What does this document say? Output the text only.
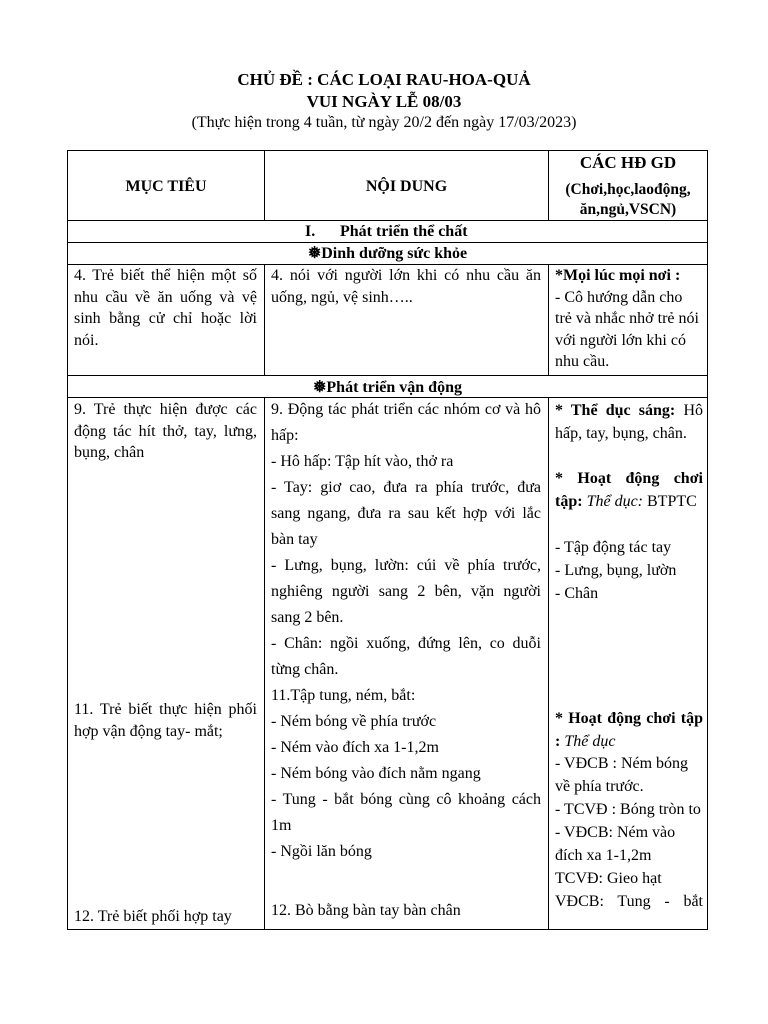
CHỦ ĐỀ : CÁC LOẠI RAU-HOA-QUẢ
VUI NGÀY LỄ 08/03
(Thực hiện trong 4 tuần, từ ngày 20/2 đến ngày 17/03/2023)
MỤC TIÊU	NỘI DUNG
CÁC HĐ GD
(Chơi,học,laođộng,
ăn,ngủ,VSCN)
I. Phát triển thể chất
❅Dinh dưỡng sức khỏe
4. Trẻ biết thể hiện một số nhu cầu về ăn uống và vệ sinh bằng cử chỉ hoặc lời nói.
4. nói với người lớn khi có nhu cầu ăn uống, ngủ, vệ sinh…..
*Mọi lúc mọi nơi :
- Cô hướng dẫn cho trẻ và nhắc nhở trẻ nói với người lớn khi có nhu cầu.
❅Phát triển vận động
9. Trẻ thực hiện được các động tác hít thở, tay, lưng, bụng, chân
11. Trẻ biết thực hiện phối hợp vận động tay- mắt;
12. Trẻ biết phối hợp tay
9. Động tác phát triển các nhóm cơ và hô hấp:
- Hô hấp: Tập hít vào, thở ra
- Tay: giơ cao, đưa ra phía trước, đưa sang ngang, đưa ra sau kết hợp với lắc bàn tay
- Lưng, bụng, lườn: cúi về phía trước, nghiêng người sang 2 bên, vặn người sang 2 bên.
- Chân: ngồi xuống, đứng lên, co duỗi từng chân.
11.Tập tung, ném, bắt:
- Ném bóng về phía trước
- Ném vào đích xa 1-1,2m
- Ném bóng vào đích nằm ngang
- Tung - bắt bóng cùng cô khoảng cách 1m
- Ngồi lăn bóng
12. Bò bằng bàn tay bàn chân
* Thể dục sáng: Hô hấp, tay, bụng, chân.
* Hoạt động chơi tập: Thể dục: BTPTC
- Tập động tác tay
- Lưng, bụng, lườn
- Chân
* Hoạt động chơi tập : Thể dục
- VĐCB : Ném bóng về phía trước.
- TCVĐ : Bóng tròn to
- VĐCB: Ném vào đích xa 1-1,2m
TCVĐ: Gieo hạt
VĐCB: Tung - bắt
